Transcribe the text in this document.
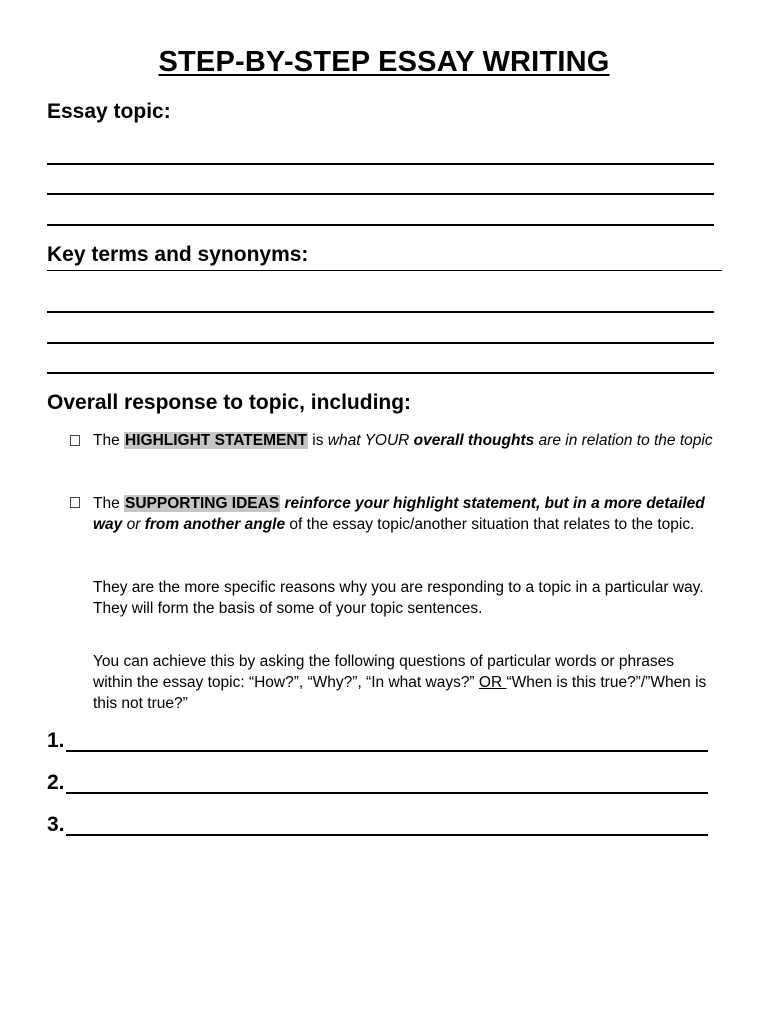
STEP-BY-STEP ESSAY WRITING
Essay topic:
Key terms and synonyms:
Overall response to topic, including:
The HIGHLIGHT STATEMENT is what YOUR overall thoughts are in relation to the topic
The SUPPORTING IDEAS reinforce your highlight statement, but in a more detailed way or from another angle of the essay topic/another situation that relates to the topic.
They are the more specific reasons why you are responding to a topic in a particular way. They will form the basis of some of your topic sentences.
You can achieve this by asking the following questions of particular words or phrases within the essay topic: “How?”, “Why?”, “In what ways?” OR “When is this true?”/”When is this not true?”
1.
2.
3.
